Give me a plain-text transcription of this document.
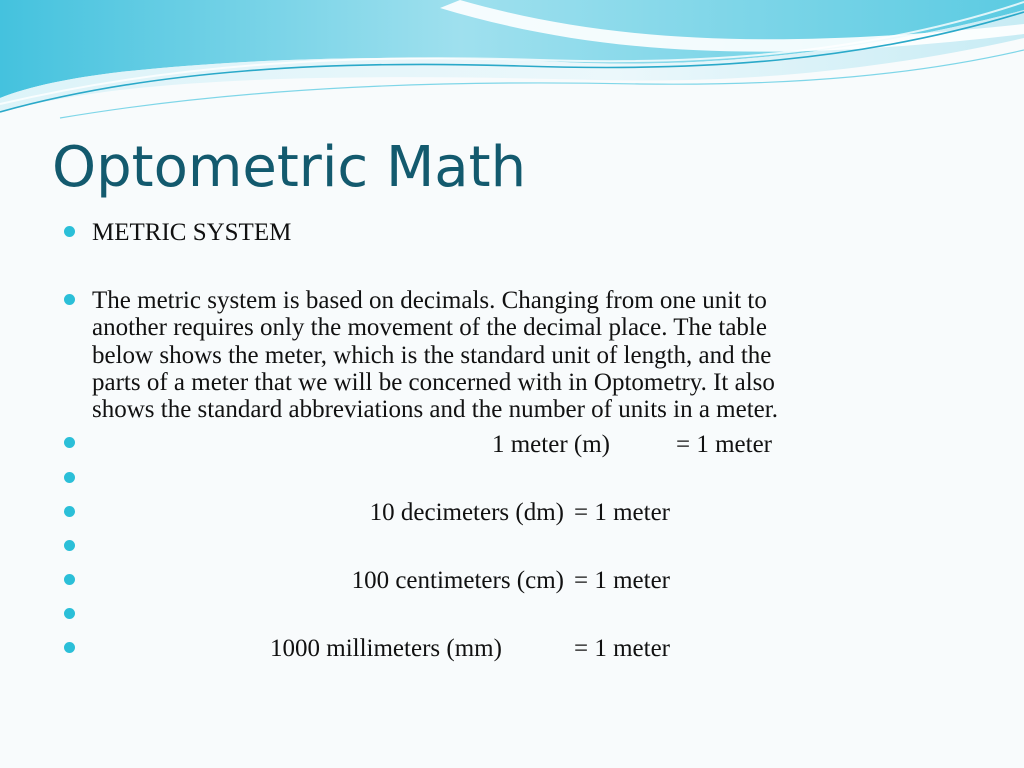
Optometric Math
METRIC SYSTEM
The metric system is based on decimals. Changing from one unit to
another requires only the movement of the decimal place. The table
below shows the meter, which is the standard unit of length, and the
parts of a meter that we will be concerned with in Optometry. It also
shows the standard abbreviations and the number of units in a meter.
1 meter (m)	= 1 meter
10 decimeters (dm) = 1 meter
100 centimeters (cm) = 1 meter
1000 millimeters (mm)	= 1 meter
